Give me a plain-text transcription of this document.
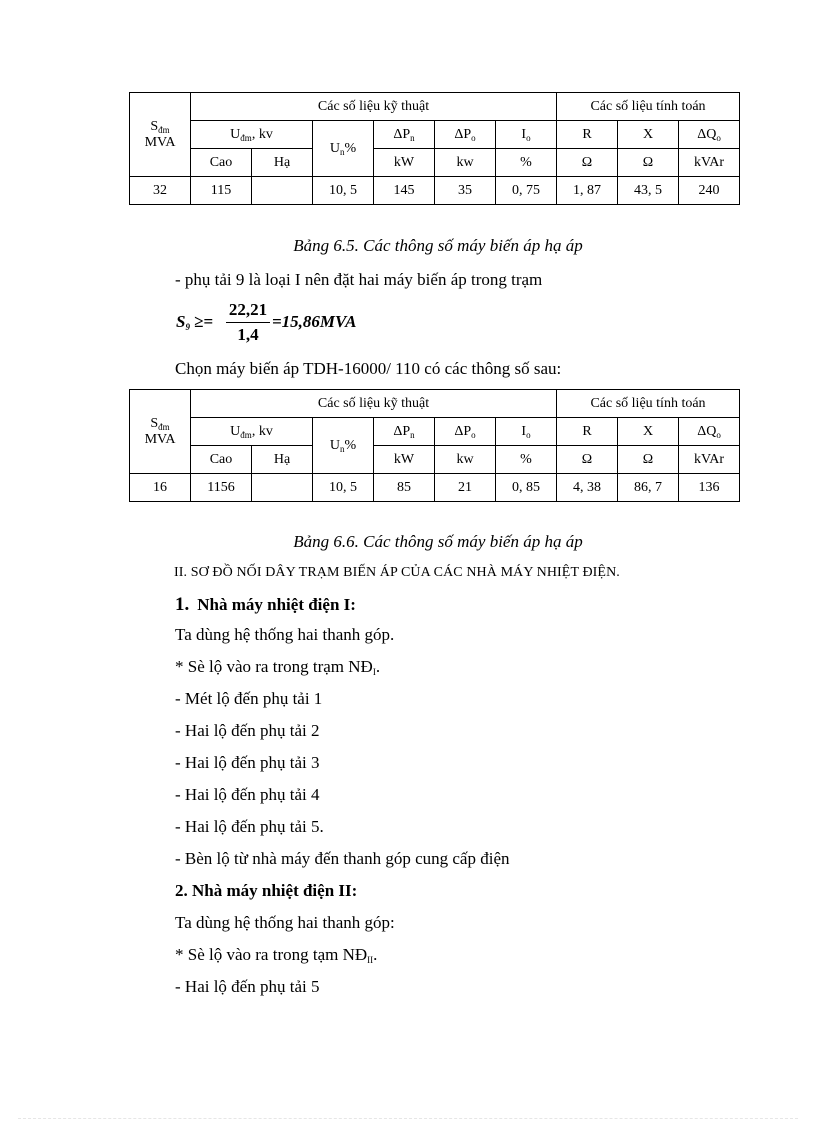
$S_{đm}$
MVA	Các số liệu kỹ thuật						Các số liệu tính toán		
	$U_{đm}$, kv		$U_n\%$	$\Delta P_n$	$\Delta P_o$	$I_o$	R	X	$\Delta Q_o$
	Cao	Hạ		kW	kw	%	Ω	Ω	kVAr
32	115		10, 5	145	35	0, 75	1, 87	43, 5	240
Bảng 6.5. Các thông số máy biến áp hạ áp
- phụ tải 9 là loại I nên đặt hai máy biến áp trong trạm
$S_9$ ≥=
22,21
1,4
=15,86MVA
Chọn máy biến áp TDH-16000/ 110 có các thông số sau:
$S_{đm}$
MVA	Các số liệu kỹ thuật						Các số liệu tính toán		
	$U_{đm}$, kv		$U_n\%$	$\Delta P_n$	$\Delta P_o$	$I_o$	R	X	$\Delta Q_o$
	Cao	Hạ		kW	kw	%	Ω	Ω	kVAr
16	1156		10, 5	85	21	0, 85	4, 38	86, 7	136
Bảng 6.6. Các thông số máy biến áp hạ áp
II. SƠ ĐỒ NỐI DÂY TRẠM BIẾN ÁP CỦA CÁC NHÀ MÁY NHIỆT ĐIỆN.
1. Nhà máy nhiệt điện I:
Ta dùng hệ thống hai thanh góp.
* Sè lộ vào ra trong trạm $NĐ_I$.
- Mét lộ đến phụ tải 1
- Hai lộ đến phụ tải 2
- Hai lộ đến phụ tải 3
- Hai lộ đến phụ tải 4
- Hai lộ đến phụ tải 5.
- Bèn lộ từ nhà máy đến thanh góp cung cấp điện
2. Nhà máy nhiệt điện II:
Ta dùng hệ thống hai thanh góp:
* Sè lộ vào ra trong tạm $NĐ_{II}$.
- Hai lộ đến phụ tải 5
